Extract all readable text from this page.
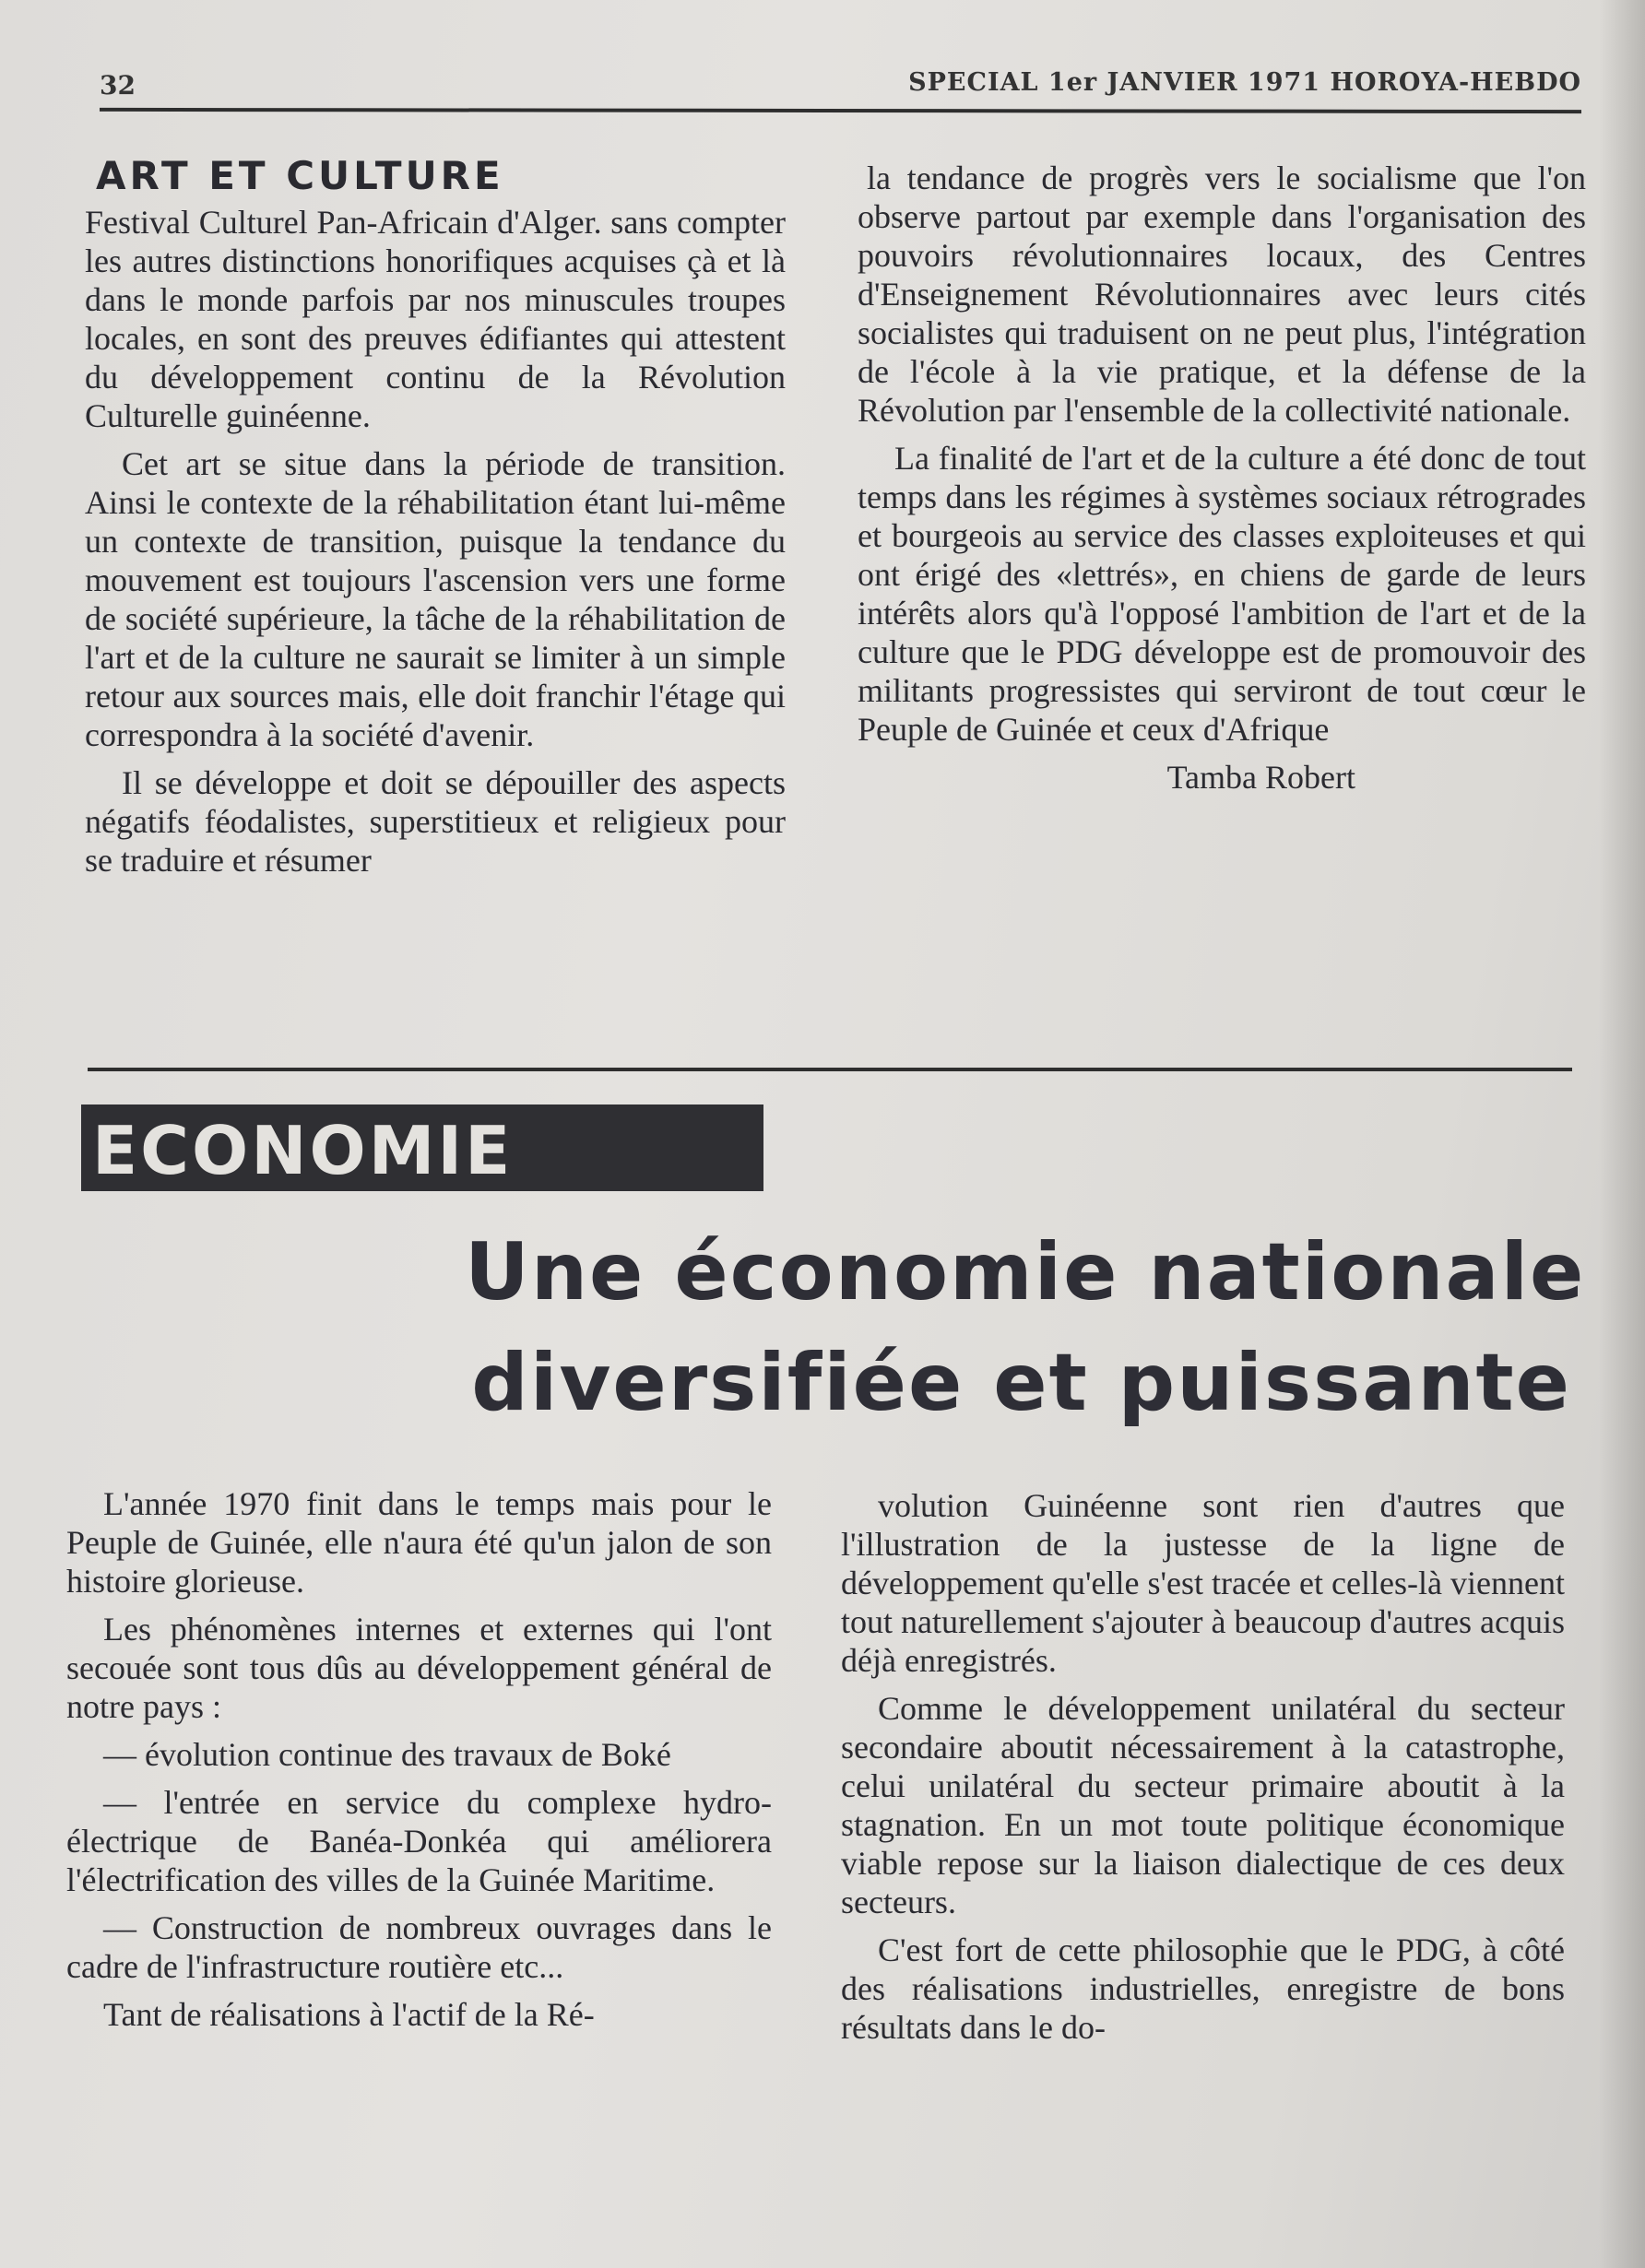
32	SPECIAL 1er JANVIER 1971 HOROYA-HEBDO
ART ET CULTURE

Festival Culturel Pan-Africain d'Alger. sans compter les autres distinctions honorifiques acquises çà et là dans le monde parfois par nos minuscules troupes locales, en sont des preuves édifiantes qui attestent du développement continu de la Révolution Culturelle guinéenne.

Cet art se situe dans la période de transition. Ainsi le contexte de la réhabilitation étant lui-même un contexte de transition, puisque la tendance du mouvement est toujours l'ascension vers une forme de société supérieure, la tâche de la réhabilitation de l'art et de la culture ne saurait se limiter à un simple retour aux sources mais, elle doit franchir l'étage qui correspondra à la société d'avenir.

Il se développe et doit se dépouiller des aspects négatifs féodalistes, superstitieux et religieux pour se traduire et résumer

la tendance de progrès vers le socialisme que l'on observe partout par exemple dans l'organisation des pouvoirs révolutionnaires locaux, des Centres d'Enseignement Révolutionnaires avec leurs cités socialistes qui traduisent on ne peut plus, l'intégration de l'école à la vie pratique, et la défense de la Révolution par l'ensemble de la collectivité nationale.

La finalité de l'art et de la culture a été donc de tout temps dans les régimes à systèmes sociaux rétrogrades et bourgeois au service des classes exploiteuses et qui ont érigé des «lettrés», en chiens de garde de leurs intérêts alors qu'à l'opposé l'ambition de l'art et de la culture que le PDG développe est de promouvoir des militants progressistes qui serviront de tout cœur le Peuple de Guinée et ceux d'Afrique

Tamba Robert
ECONOMIE
Une économie nationale
diversifiée et puissante

L'année 1970 finit dans le temps mais pour le Peuple de Guinée, elle n'aura été qu'un jalon de son histoire glorieuse.

Les phénomènes internes et externes qui l'ont secouée sont tous dûs au développement général de notre pays :

— évolution continue des travaux de Boké

— l'entrée en service du complexe hydro-électrique de Banéa-Donkéa qui améliorera l'électrification des villes de la Guinée Maritime.

— Construction de nombreux ouvrages dans le cadre de l'infrastructure routière etc...

Tant de réalisations à l'actif de la Ré-

volution Guinéenne sont rien d'autres que l'illustration de la justesse de la ligne de développement qu'elle s'est tracée et celles-là viennent tout naturellement s'ajouter à beaucoup d'autres acquis déjà enregistrés.

Comme le développement unilatéral du secteur secondaire aboutit nécessairement à la catastrophe, celui unilatéral du secteur primaire aboutit à la stagnation. En un mot toute politique économique viable repose sur la liaison dialectique de ces deux secteurs.

C'est fort de cette philosophie que le PDG, à côté des réalisations industrielles, enregistre de bons résultats dans le do-
